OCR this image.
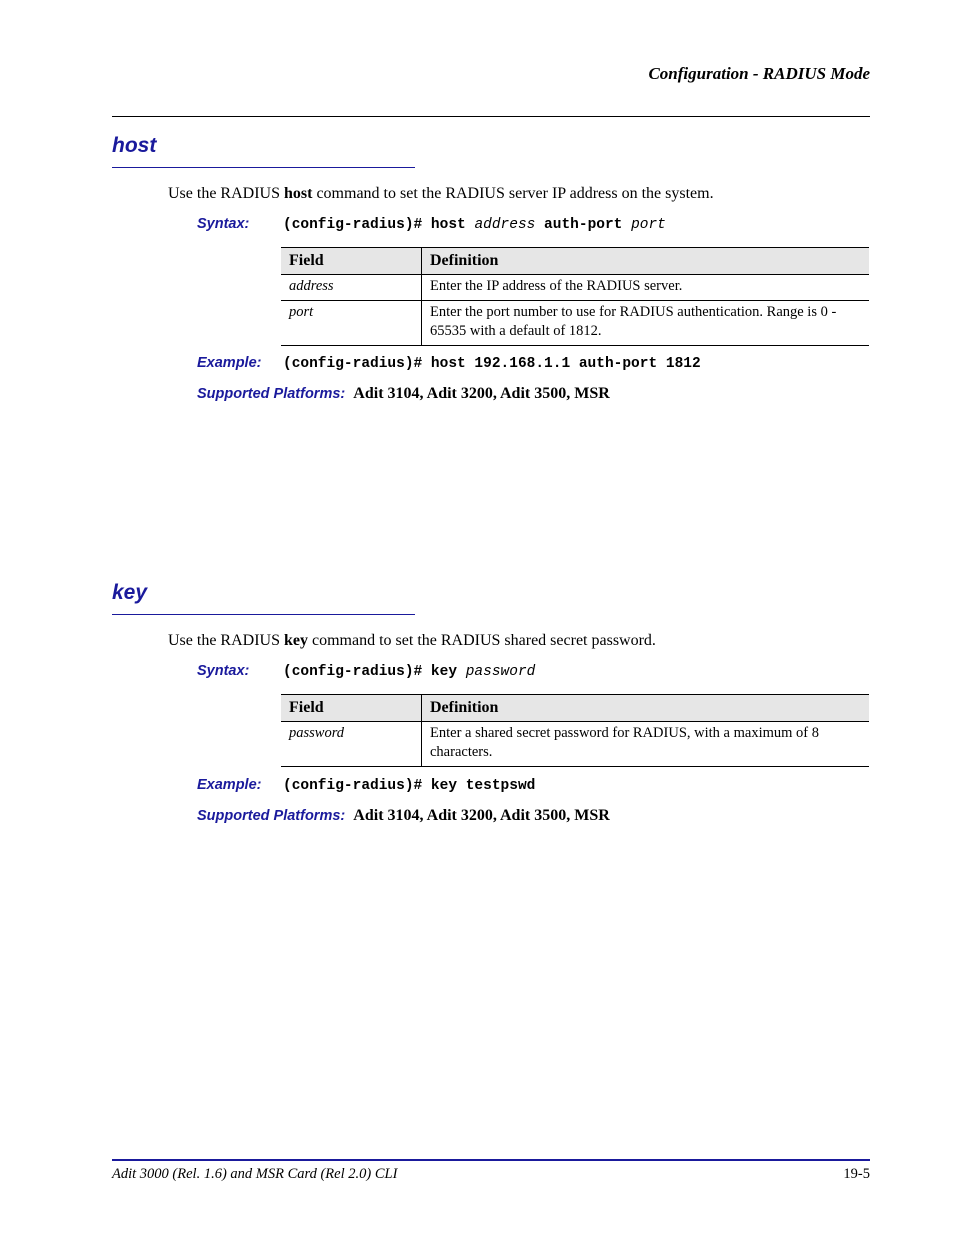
Configuration - RADIUS Mode
host
Use the RADIUS host command to set the RADIUS server IP address on the system.
Syntax: (config-radius)# host address auth-port port
Field	Definition
address	Enter the IP address of the RADIUS server.
port	Enter the port number to use for RADIUS authentication. Range is 0 - 65535 with a default of 1812.
Example: (config-radius)# host 192.168.1.1 auth-port 1812
Supported Platforms: Adit 3104, Adit 3200, Adit 3500, MSR
key
Use the RADIUS key command to set the RADIUS shared secret password.
Syntax: (config-radius)# key password
Field	Definition
password	Enter a shared secret password for RADIUS, with a maximum of 8 characters.
Example: (config-radius)# key testpswd
Supported Platforms: Adit 3104, Adit 3200, Adit 3500, MSR
Adit 3000 (Rel. 1.6) and MSR Card (Rel 2.0) CLI	19-5
